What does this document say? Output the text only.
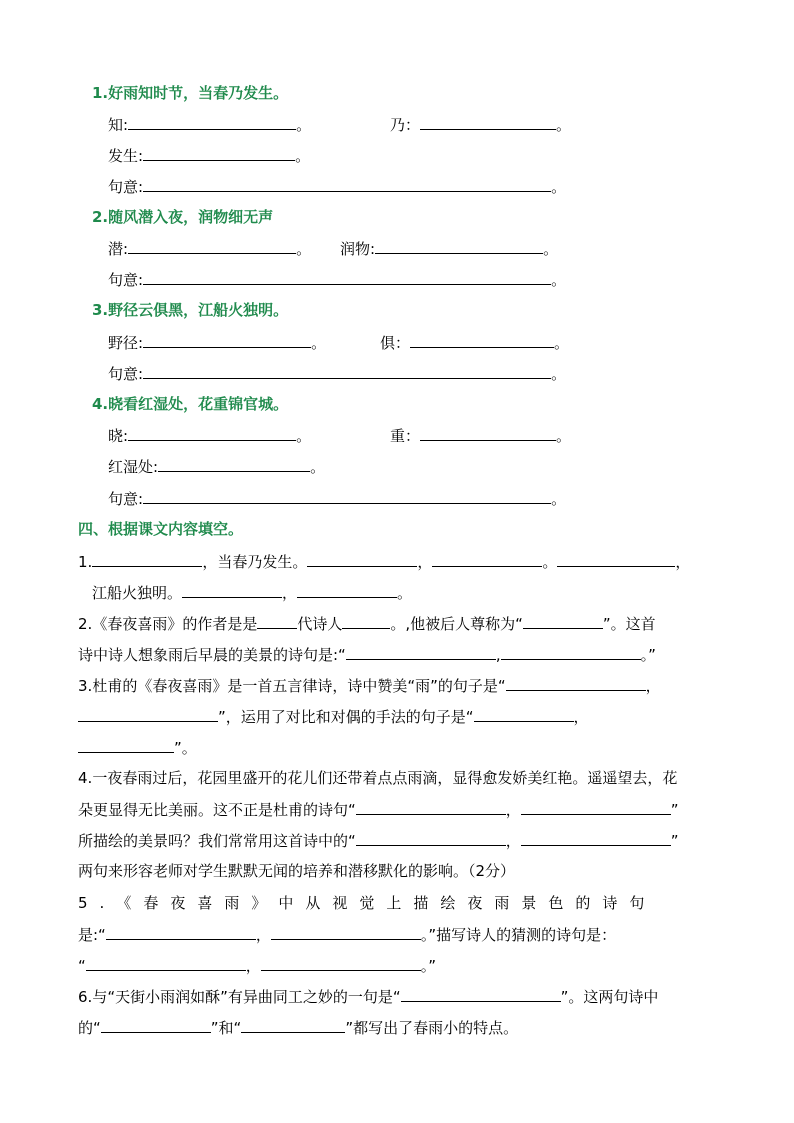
1.好雨知时节，当春乃发生。
知:	。	乃：	。
发生:	。
句意:	。
2.随风潜入夜，润物细无声
潜:	。 润物:	。
句意:	。
3.野径云俱黑，江船火独明。
野径:	。	俱：	。
句意:	。
4.晓看红湿处，花重锦官城。
晓:	。	重：	。
红湿处:	。
句意:	。
四、根据课文内容填空。
1.	，当春乃发生。	，	。	，
江船火独明。	，	。
2.《春夜喜雨》的作者是是	代诗人	。,他被后人尊称为“	”。这首
诗中诗人想象雨后早晨的美景的诗句是:“	,	。”
3.杜甫的《春夜喜雨》是一首五言律诗，诗中赞美“雨”的句子是“	，
”，运用了对比和对偶的手法的句子是“	，
”。
4.一夜春雨过后，花园里盛开的花儿们还带着点点雨滴，显得愈发娇美红艳。遥遥望去，花
朵更显得无比美丽。这不正是杜甫的诗句“	，	”
所描绘的美景吗？我们常常用这首诗中的“	，	”
两句来形容老师对学生默默无闻的培养和潜移默化的影响。（2分）
5.《春夜喜雨》中从视觉上描绘夜雨景色的诗句
是:“	，	。”描写诗人的猜测的诗句是：
“	，	。”
6.与“天街小雨润如酥”有异曲同工之妙的一句是“	”。这两句诗中
的“	”和“	”都写出了春雨小的特点。
